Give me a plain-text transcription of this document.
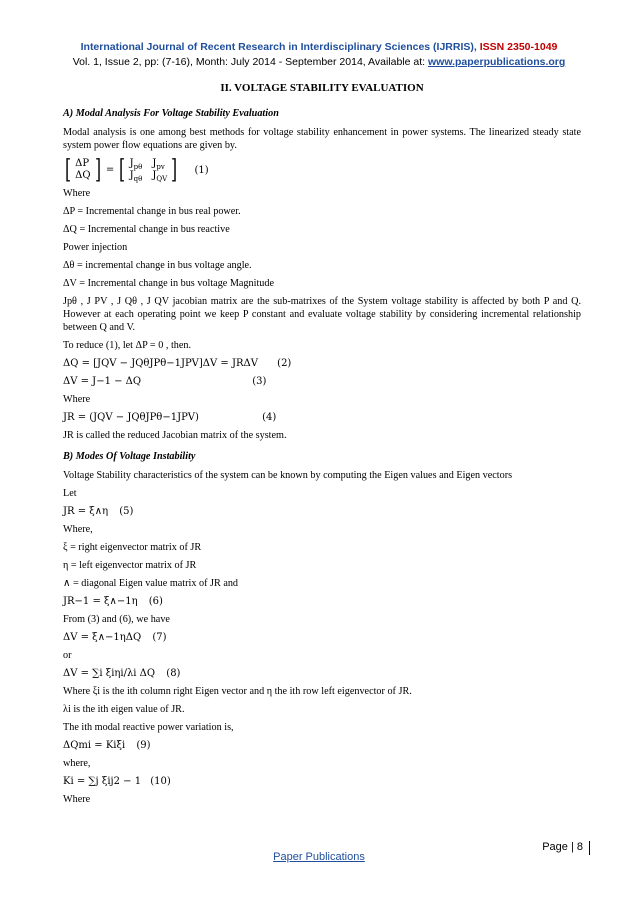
International Journal of Recent Research in Interdisciplinary Sciences (IJRRIS), ISSN 2350-1049
Vol. 1, Issue 2, pp: (7-16), Month: July 2014 - September 2014, Available at: www.paperpublications.org
II. VOLTAGE STABILITY EVALUATION
A) Modal Analysis For Voltage Stability Evaluation
Modal analysis is one among best methods for voltage stability enhancement in power systems. The linearized steady state system power flow equations are given by.
[ ΔP
ΔQ ] = [ $J_{p\theta}$
$J_{q\theta}$
$J_{pv}$
$J_{QV}$ ] (1)
Where
ΔP = Incremental change in bus real power.
ΔQ = Incremental change in bus reactive
Power injection
Δθ = incremental change in bus voltage angle.
ΔV = Incremental change in bus voltage Magnitude
Jpθ , J PV , J Qθ , J QV jacobian matrix are the sub-matrixes of the System voltage stability is affected by both P and Q. However at each operating point we keep P constant and evaluate voltage stability by considering incremental relationship between Q and V.
To reduce (1), let ΔP = 0 , then.
ΔQ = [JQV − JQθJPθ−1JPV]ΔV = JRΔV (2)
ΔV = J−1 − ΔQ	(3)
Where
JR = (JQV − JQθJPθ−1JPV)	(4)
JR is called the reduced Jacobian matrix of the system.
B) Modes Of Voltage Instability
Voltage Stability characteristics of the system can be known by computing the Eigen values and Eigen vectors
Let
JR = ξ∧η (5)
Where,
ξ = right eigenvector matrix of JR
η = left eigenvector matrix of JR
∧ = diagonal Eigen value matrix of JR and
JR−1 = ξ∧−1η (6)
From (3) and (6), we have
ΔV = ξ∧−1ηΔQ (7)
or
ΔV = ∑i ξiηi/λi ΔQ (8)
Where ξi is the ith column right Eigen vector and η the ith row left eigenvector of JR.
λi is the ith eigen value of JR.
The ith modal reactive power variation is,
ΔQmi = Kiξi (9)
where,
Ki = ∑j ξij2 − 1 (10)
Where
Page | 8
Paper Publications
